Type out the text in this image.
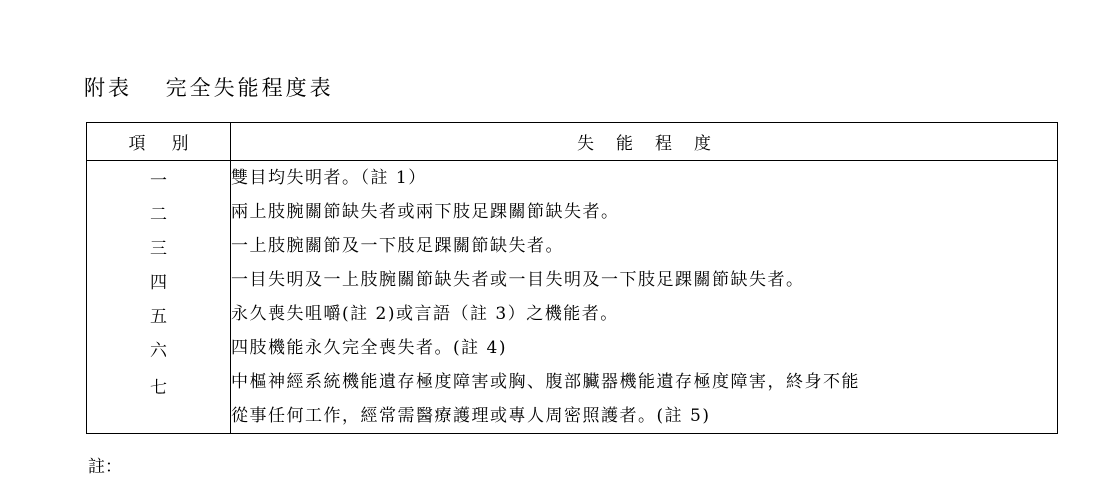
附表　 完全失能程度表
項別	失能程度
一	雙目均失明者。（註 1）

二	兩上肢腕關節缺失者或兩下肢足踝關節缺失者。

三	一上肢腕關節及一下肢足踝關節缺失者。

四	一目失明及一上肢腕關節缺失者或一目失明及一下肢足踝關節缺失者。

五	永久喪失咀嚼(註 2)或言語（註 3）之機能者。

六	四肢機能永久完全喪失者。(註 4)

七	中樞神經系統機能遺存極度障害或胸、腹部臟器機能遺存極度障害，終身不能
從事任何工作，經常需醫療護理或專人周密照護者。(註 5)
註：
